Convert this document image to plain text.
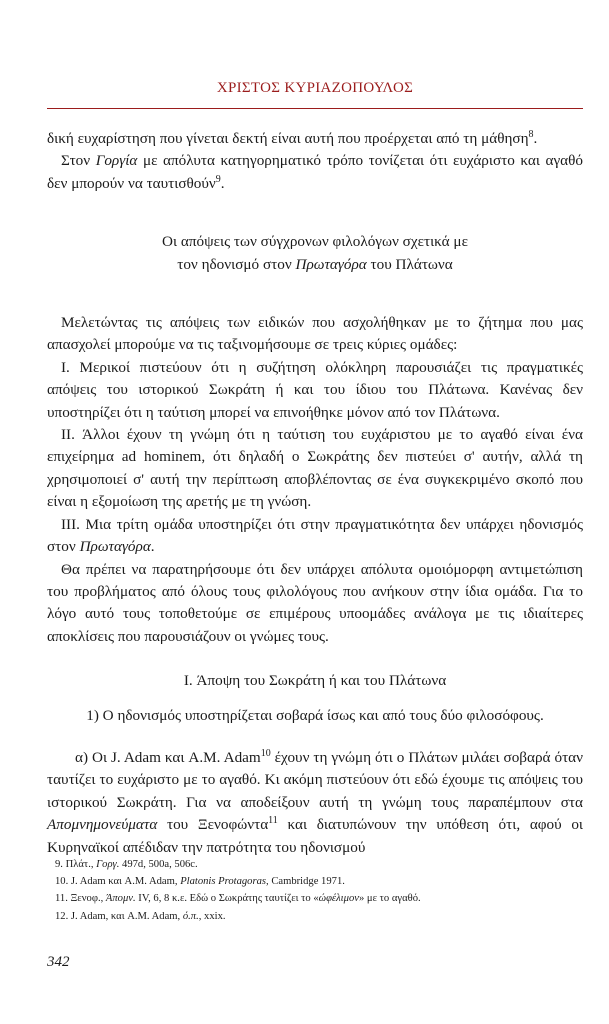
ΧΡΙΣΤΟΣ ΚΥΡΙΑΖΟΠΟΥΛΟΣ

δική ευχαρίστηση που γίνεται δεκτή είναι αυτή που προέρχεται από τη μάθηση$^8$.

Στον Γοργία με απόλυτα κατηγορηματικό τρόπο τονίζεται ότι ευχάριστο και αγαθό δεν μπορούν να ταυτισθούν$^9$.

Οι απόψεις των σύγχρονων φιλολόγων σχετικά με
τον ηδονισμό στον Πρωταγόρα του Πλάτωνα

Μελετώντας τις απόψεις των ειδικών που ασχολήθηκαν με το ζήτημα που μας απασχολεί μπορούμε να τις ταξινομήσουμε σε τρεις κύριες ομάδες:

I. Μερικοί πιστεύουν ότι η συζήτηση ολόκληρη παρουσιάζει τις πραγματικές απόψεις του ιστορικού Σωκράτη ή και του ίδιου του Πλάτωνα. Κανένας δεν υποστηρίζει ότι η ταύτιση μπορεί να επινοήθηκε μόνον από τον Πλάτωνα.

II. Άλλοι έχουν τη γνώμη ότι η ταύτιση του ευχάριστου με το αγαθό είναι ένα επιχείρημα ad hominem, ότι δηλαδή ο Σωκράτης δεν πιστεύει σ' αυτήν, αλλά τη χρησιμοποιεί σ' αυτή την περίπτωση αποβλέποντας σε ένα συγκεκριμένο σκοπό που είναι η εξομοίωση της αρετής με τη γνώση.

III. Μια τρίτη ομάδα υποστηρίζει ότι στην πραγματικότητα δεν υπάρχει ηδονισμός στον Πρωταγόρα.

Θα πρέπει να παρατηρήσουμε ότι δεν υπάρχει απόλυτα ομοιόμορφη αντιμετώπιση του προβλήματος από όλους τους φιλολόγους που ανήκουν στην ίδια ομάδα. Για το λόγο αυτό τους τοποθετούμε σε επιμέρους υποομάδες ανάλογα με τις ιδιαίτερες αποκλίσεις που παρουσιάζουν οι γνώμες τους.

I. Άποψη του Σωκράτη ή και του Πλάτωνα

1) Ο ηδονισμός υποστηρίζεται σοβαρά ίσως και από τους δύο φιλοσόφους.

α) Οι J. Adam και A.M. Adam$^{10}$ έχουν τη γνώμη ότι ο Πλάτων μιλάει σοβαρά όταν ταυτίζει το ευχάριστο με το αγαθό. Κι ακόμη πιστεύουν ότι εδώ έχουμε τις απόψεις του ιστορικού Σωκράτη. Για να αποδείξουν αυτή τη γνώμη τους παραπέμπουν στα Απομνημονεύματα του Ξενοφώντα$^{11}$ και διατυπώνουν την υπόθεση ότι, αφού οι Κυρηναϊκοί απέδιδαν την πατρότητα του ηδονισμού

9. Πλάτ., Γοργ. 497d, 500a, 506c.
10. J. Adam και A.M. Adam, Platonis Protagoras, Cambridge 1971.
11. Ξενοφ., Άπομν. IV, 6, 8 κ.ε. Εδώ ο Σωκράτης ταυτίζει το «ώφέλιμον» με το αγαθό.
12. J. Adam, και A.M. Adam, ό.π., xxix.
342
